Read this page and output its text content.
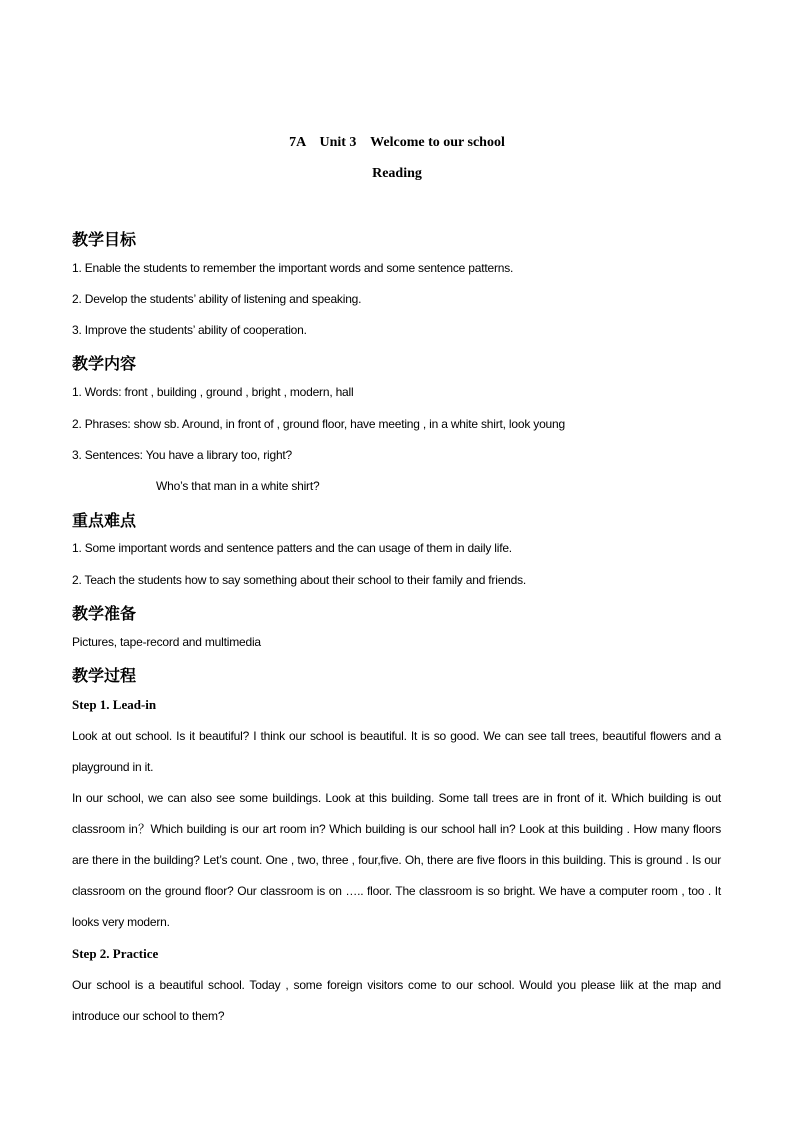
7A    Unit 3    Welcome to our school
Reading
教学目标
1. Enable the students to remember the important words and some sentence patterns.
2. Develop the students’ ability of listening and speaking.
3. Improve the students’ ability of cooperation.
教学内容
1. Words: front , building , ground , bright , modern, hall
2. Phrases: show sb. Around, in front of , ground floor, have meeting , in a white shirt, look young
3. Sentences: You have a library too, right?
Who’s that man in a white shirt?
重点难点
1. Some important words and sentence patters and the can usage of them in daily life.
2. Teach the students how to say something about their school to their family and friends.
教学准备
Pictures, tape-record and multimedia
教学过程
Step 1. Lead-in
Look at out school. Is it beautiful? I think our school is beautiful. It is so good. We can see tall trees, beautiful flowers and a playground in it.
In our school, we can also see some buildings. Look at this building. Some tall trees are in front of it. Which building is out classroom in？Which building is our art room in? Which building is our school hall in? Look at this building . How many floors are there in the building? Let’s count. One , two, three , four,five. Oh, there are five floors in this building. This is ground . Is our classroom on the ground floor? Our classroom is on ….. floor. The classroom is so bright. We have a computer room , too . It looks very modern.
Step 2. Practice
Our school is a beautiful school. Today , some foreign visitors come to our school. Would you please liik at the map and introduce our school to them?
